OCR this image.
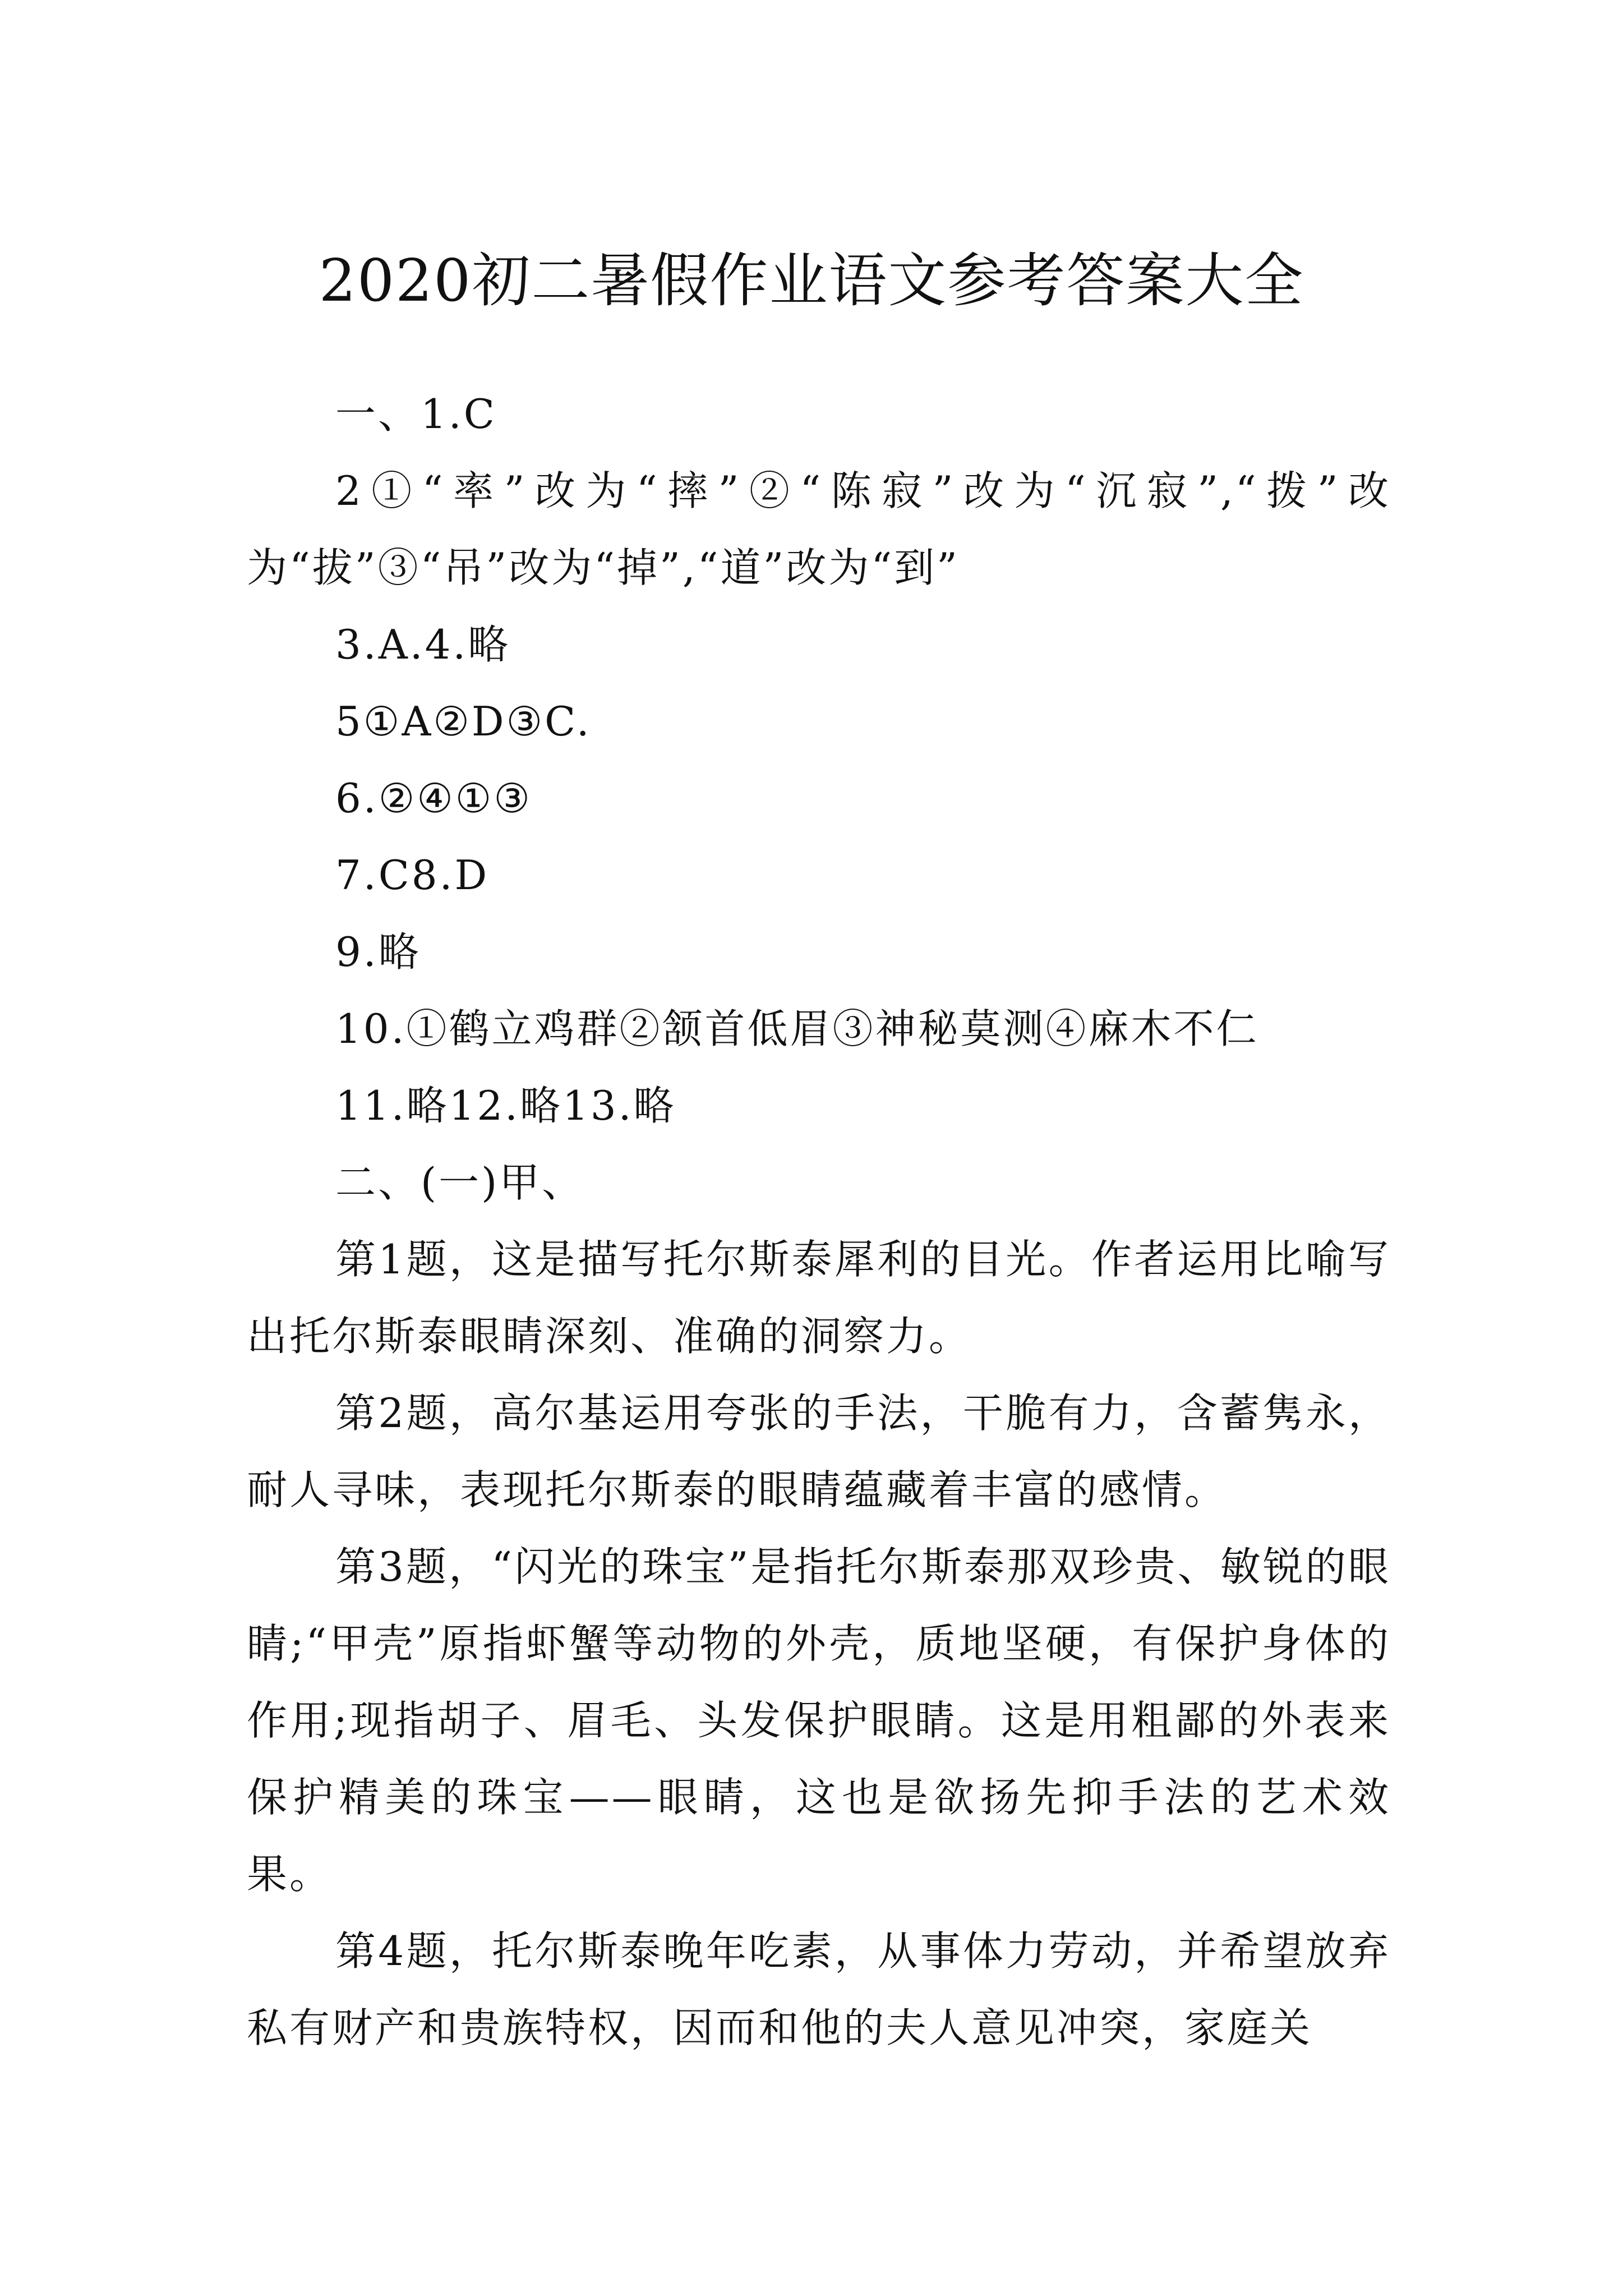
2020初二暑假作业语文参考答案大全

一、1.C

2①“率”改为“摔”②“陈寂”改为“沉寂”,“拨”改为“拔”③“吊”改为“掉”,“道”改为“到”

3.A.4.略

5①A②D③C.

6.②④①③

7.C8.D

9.略

10.①鹤立鸡群②颔首低眉③神秘莫测④麻木不仁

11.略12.略13.略

二、(一)甲、

第1题，这是描写托尔斯泰犀利的目光。作者运用比喻写出托尔斯泰眼睛深刻、准确的洞察力。

第2题，高尔基运用夸张的手法，干脆有力，含蓄隽永，耐人寻味，表现托尔斯泰的眼睛蕴藏着丰富的感情。

第3题，“闪光的珠宝”是指托尔斯泰那双珍贵、敏锐的眼睛;“甲壳”原指虾蟹等动物的外壳，质地坚硬，有保护身体的作用;现指胡子、眉毛、头发保护眼睛。这是用粗鄙的外表来保护精美的珠宝——眼睛，这也是欲扬先抑手法的艺术效果。

第4题，托尔斯泰晚年吃素，从事体力劳动，并希望放弃私有财产和贵族特权，因而和他的夫人意见冲突，家庭关
